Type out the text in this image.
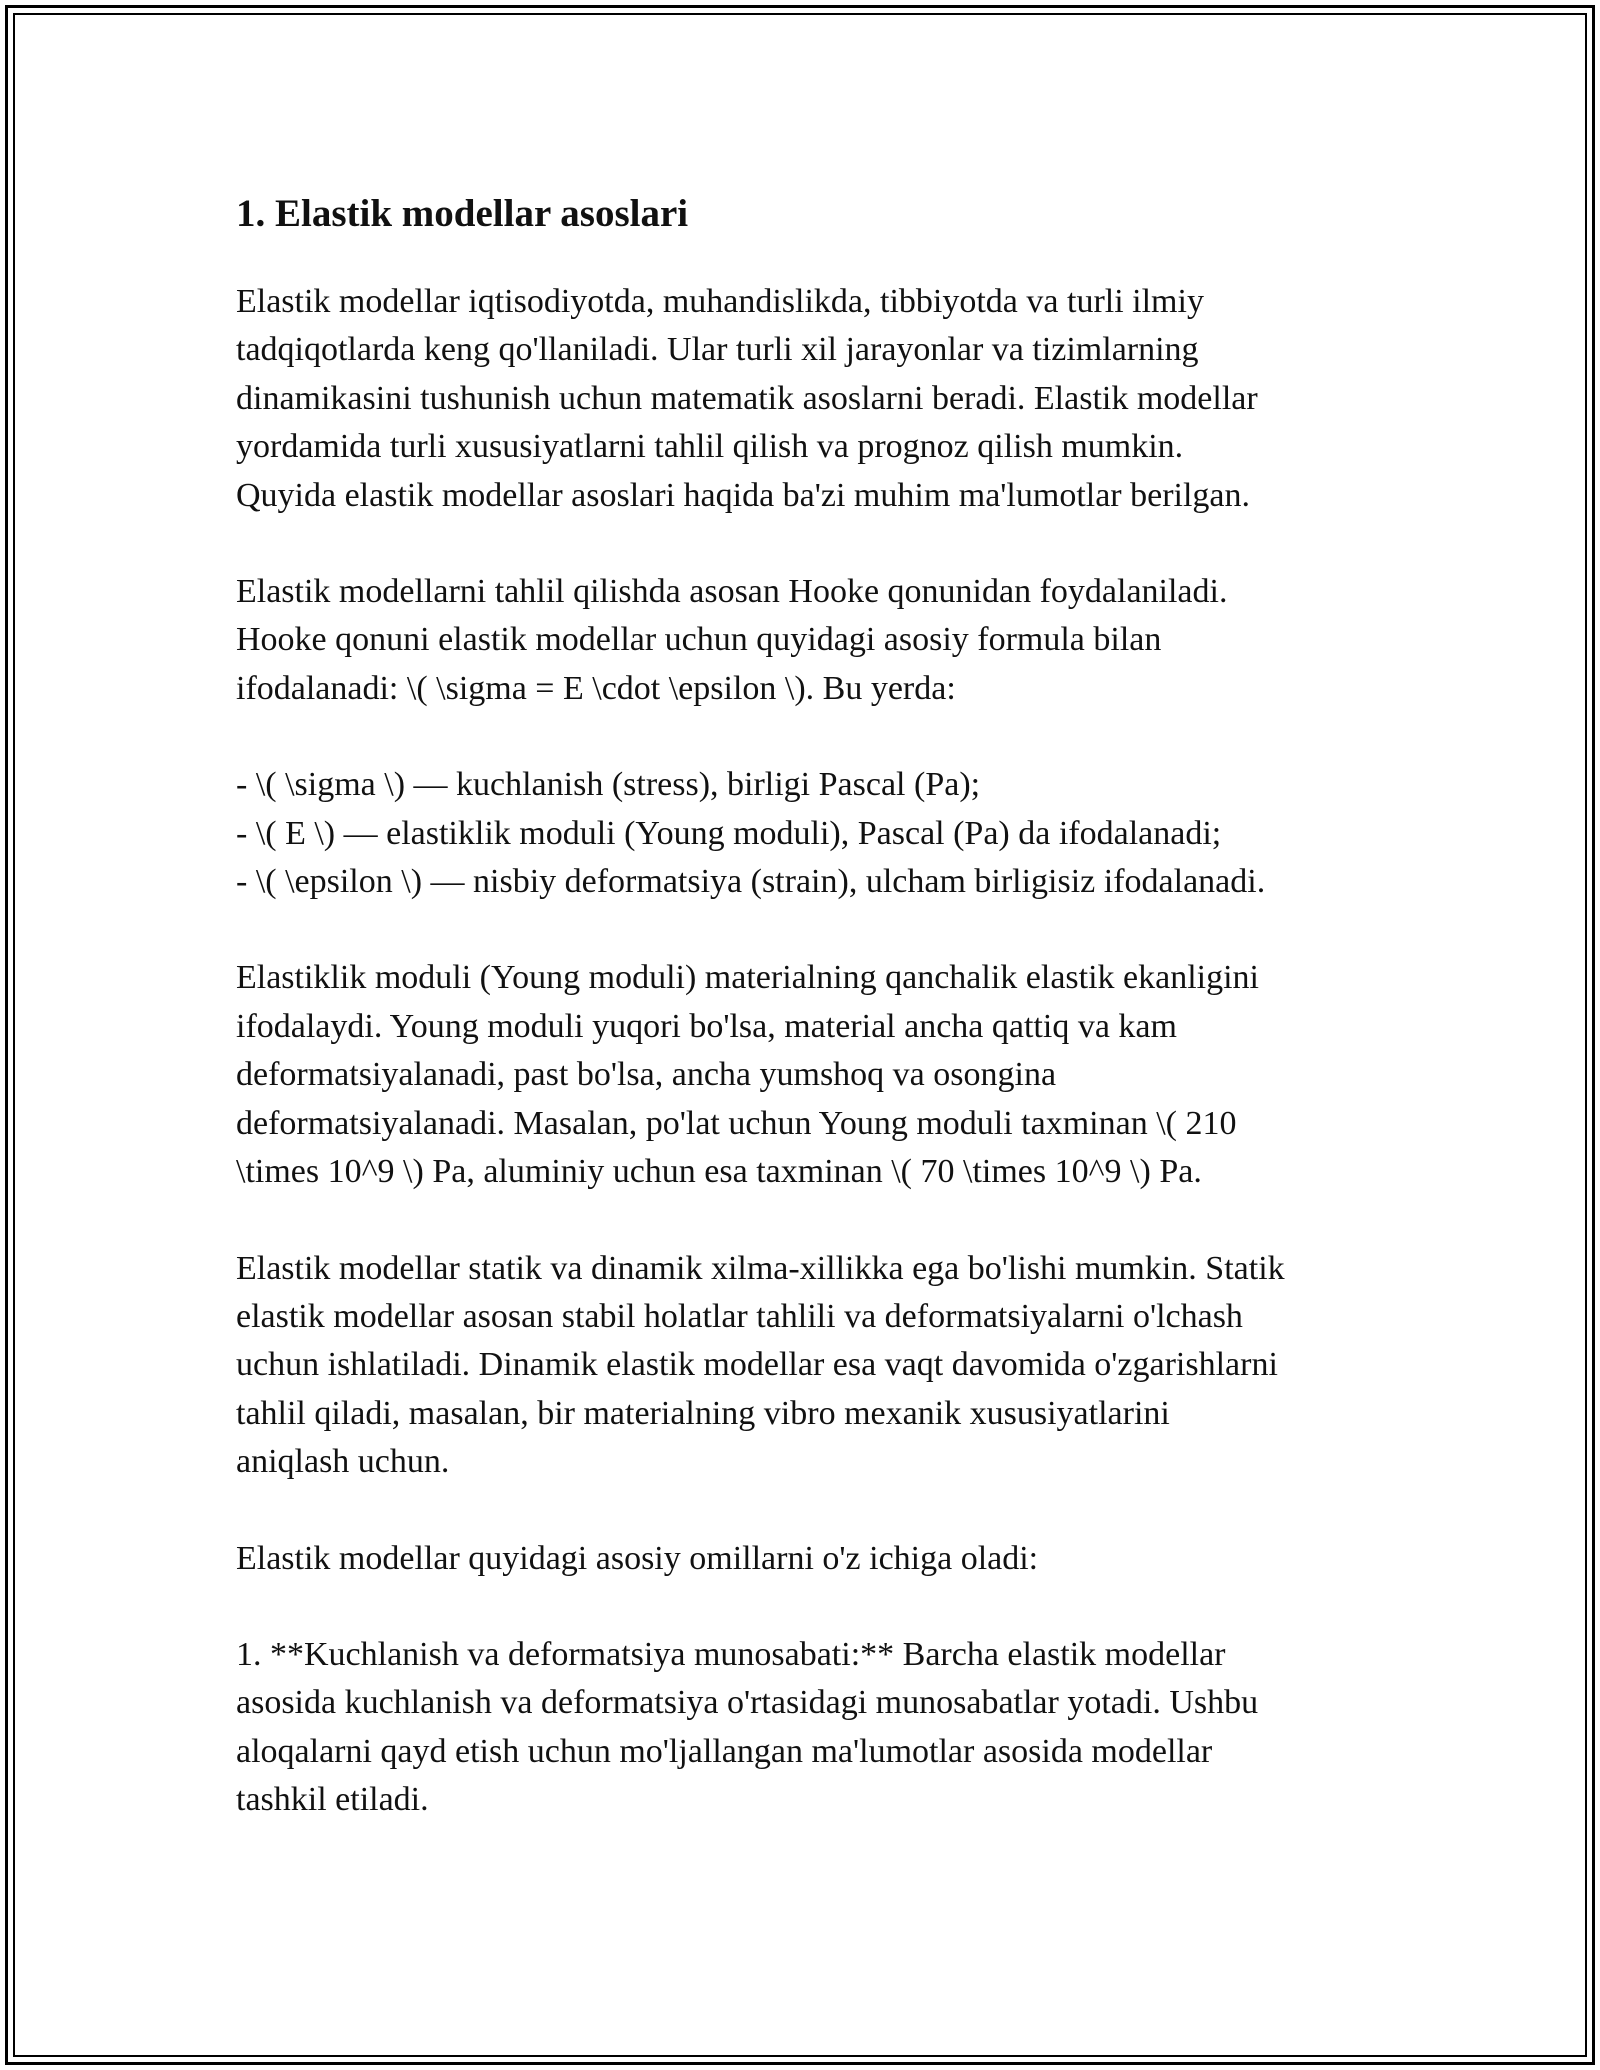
1. Elastik modellar asoslari

Elastik modellar iqtisodiyotda, muhandislikda, tibbiyotda va turli ilmiy
tadqiqotlarda keng qo'llaniladi. Ular turli xil jarayonlar va tizimlarning
dinamikasini tushunish uchun matematik asoslarni beradi. Elastik modellar
yordamida turli xususiyatlarni tahlil qilish va prognoz qilish mumkin.
Quyida elastik modellar asoslari haqida ba'zi muhim ma'lumotlar berilgan.

Elastik modellarni tahlil qilishda asosan Hooke qonunidan foydalaniladi.
Hooke qonuni elastik modellar uchun quyidagi asosiy formula bilan
ifodalanadi: \( \sigma = E \cdot \epsilon \). Bu yerda:

- \( \sigma \) — kuchlanish (stress), birligi Pascal (Pa);
- \( E \) — elastiklik moduli (Young moduli), Pascal (Pa) da ifodalanadi;
- \( \epsilon \) — nisbiy deformatsiya (strain), ulcham birligisiz ifodalanadi.

Elastiklik moduli (Young moduli) materialning qanchalik elastik ekanligini
ifodalaydi. Young moduli yuqori bo'lsa, material ancha qattiq va kam
deformatsiyalanadi, past bo'lsa, ancha yumshoq va osongina
deformatsiyalanadi. Masalan, po'lat uchun Young moduli taxminan \( 210
\times 10^9 \) Pa, aluminiy uchun esa taxminan \( 70 \times 10^9 \) Pa.

Elastik modellar statik va dinamik xilma-xillikka ega bo'lishi mumkin. Statik
elastik modellar asosan stabil holatlar tahlili va deformatsiyalarni o'lchash
uchun ishlatiladi. Dinamik elastik modellar esa vaqt davomida o'zgarishlarni
tahlil qiladi, masalan, bir materialning vibro mexanik xususiyatlarini
aniqlash uchun.

Elastik modellar quyidagi asosiy omillarni o'z ichiga oladi:

1. **Kuchlanish va deformatsiya munosabati:** Barcha elastik modellar
asosida kuchlanish va deformatsiya o'rtasidagi munosabatlar yotadi. Ushbu
aloqalarni qayd etish uchun mo'ljallangan ma'lumotlar asosida modellar
tashkil etiladi.
